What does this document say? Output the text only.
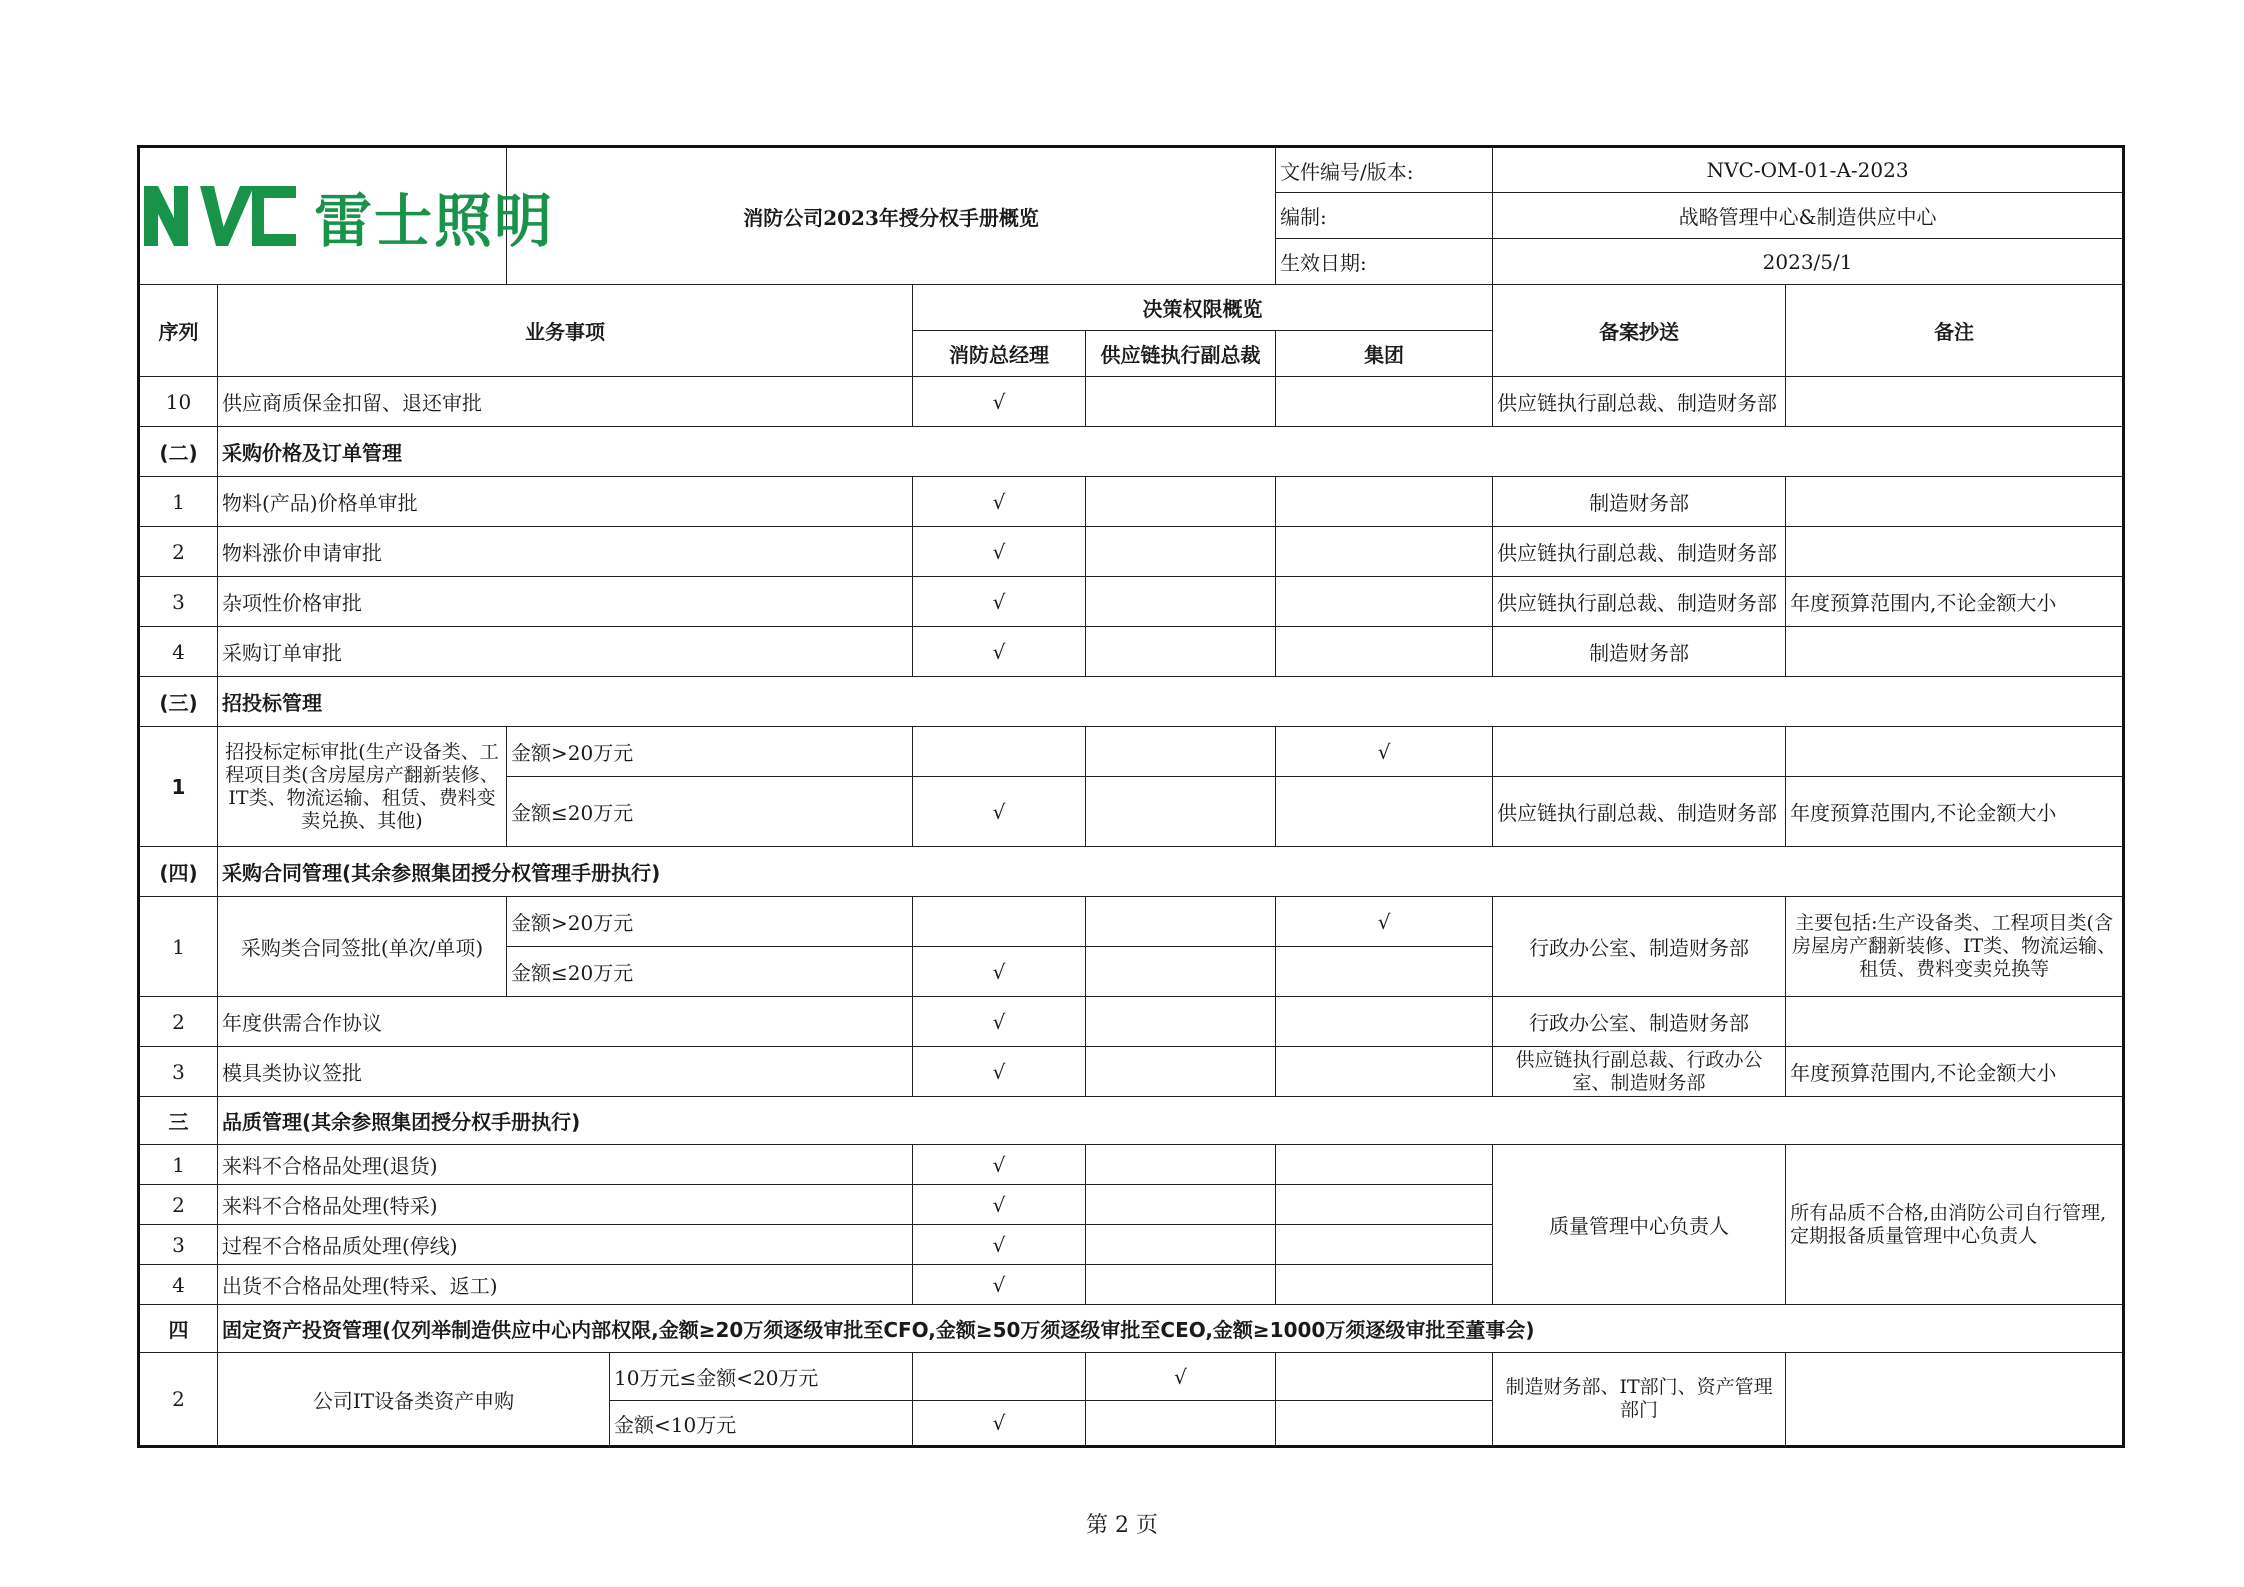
雷士照明		消防公司2023年授分权手册概览				文件编号/版本:	NVC-OM-01-A-2023	
						编制:	战略管理中心&制造供应中心	
						生效日期:	2023/5/1	
序列	业务事项			决策权限概览			备案抄送	备注
				消防总经理	供应链执行副总裁	集团		
10	供应商质保金扣留、退还审批			√			供应链执行副总裁、制造财务部	
(二)	采购价格及订单管理							
1	物料(产品)价格单审批			√			制造财务部	
2	物料涨价申请审批			√			供应链执行副总裁、制造财务部	
3	杂项性价格审批			√			供应链执行副总裁、制造财务部	年度预算范围内,不论金额大小
4	采购订单审批			√			制造财务部	
(三)	招投标管理							
1	招投标定标审批(生产设备类、工程项目类(含房屋房产翻新装修、IT类、物流运输、租赁、费料变卖兑换、其他)	金额>20万元				√		
		金额≤20万元		√			供应链执行副总裁、制造财务部	年度预算范围内,不论金额大小
(四)	采购合同管理(其余参照集团授分权管理手册执行)							
1	采购类合同签批(单次/单项)	金额>20万元				√	行政办公室、制造财务部	主要包括:生产设备类、工程项目类(含房屋房产翻新装修、IT类、物流运输、租赁、费料变卖兑换等
		金额≤20万元		√				
2	年度供需合作协议			√			行政办公室、制造财务部	
3	模具类协议签批			√			供应链执行副总裁、行政办公室、制造财务部	年度预算范围内,不论金额大小
三	品质管理(其余参照集团授分权手册执行)							
1	来料不合格品处理(退货)			√			质量管理中心负责人	所有品质不合格,由消防公司自行管理,定期报备质量管理中心负责人
2	来料不合格品处理(特采)			√				
3	过程不合格品质处理(停线)			√				
4	出货不合格品处理(特采、返工)			√				
四	固定资产投资管理(仅列举制造供应中心内部权限,金额≥20万须逐级审批至CFO,金额≥50万须逐级审批至CEO,金额≥1000万须逐级审批至董事会)							
2	公司IT设备类资产申购		10万元≤金额<20万元		√		制造财务部、IT部门、资产管理部门	
			金额<10万元	√				
第 2 页
